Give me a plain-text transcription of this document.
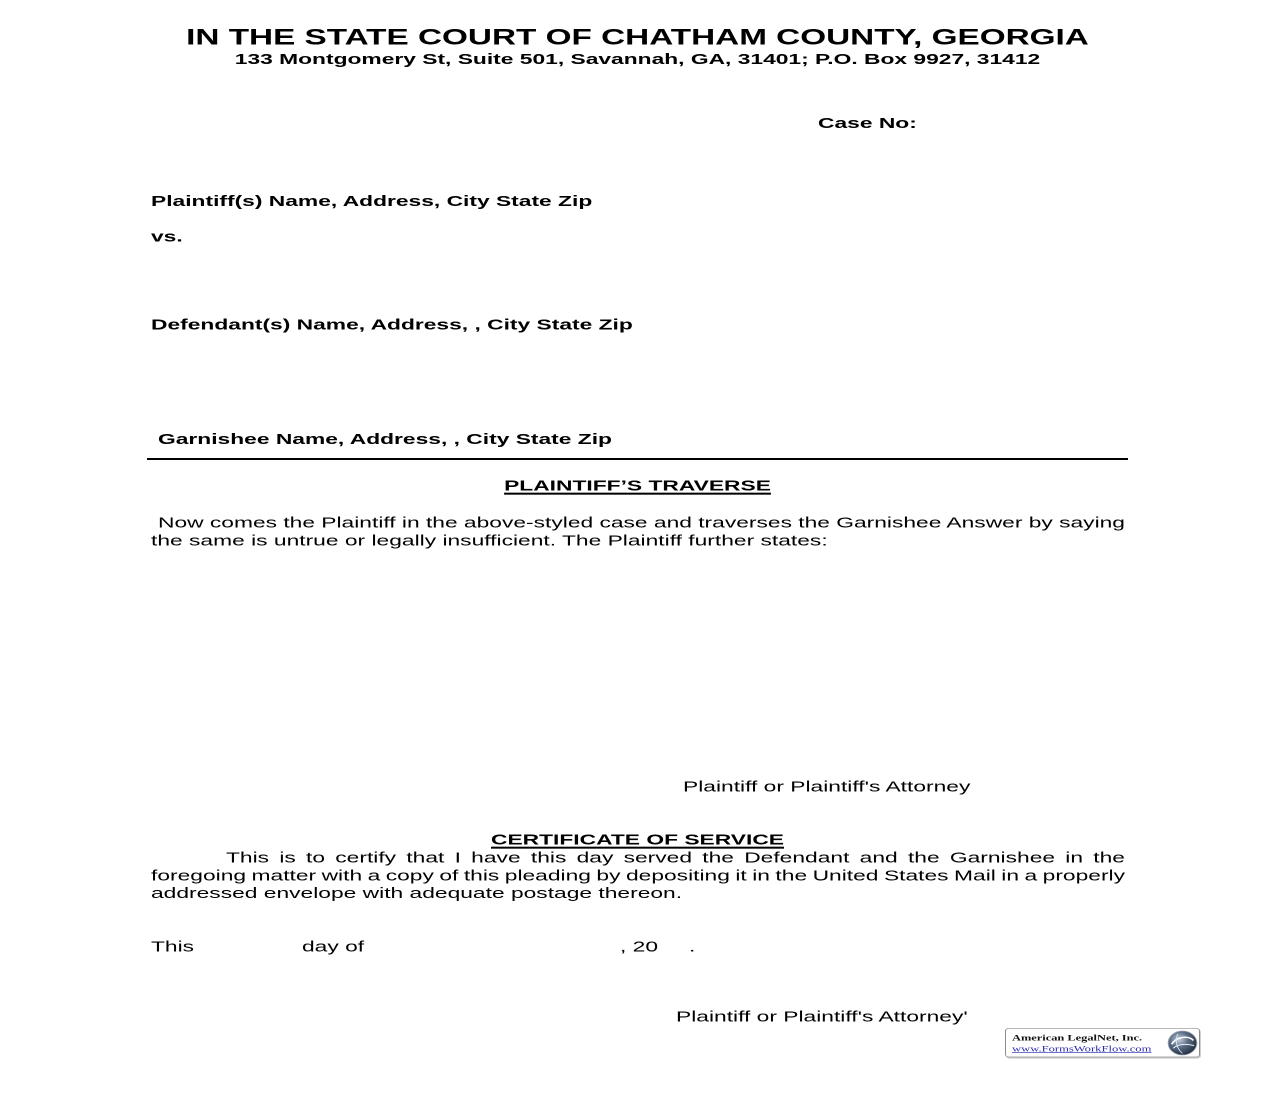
IN THE STATE COURT OF CHATHAM COUNTY, GEORGIA
133 Montgomery St, Suite 501, Savannah, GA, 31401; P.O. Box 9927, 31412
Case No:
Plaintiff(s) Name, Address, City State Zip
vs.
Defendant(s) Name, Address, , City State Zip
Garnishee Name, Address, , City State Zip
PLAINTIFF’S TRAVERSE
Now comes the Plaintiff in the above-styled case and traverses the Garnishee Answer by saying
the same is untrue or legally insufficient. The Plaintiff further states:
Plaintiff or Plaintiff's Attorney
CERTIFICATE OF SERVICE
This is to certify that I have this day served the Defendant and the Garnishee in the
foregoing matter with a copy of this pleading by depositing it in the United States Mail in a properly
addressed envelope with adequate postage thereon.
This	day of	, 20 .
Plaintiff or Plaintiff's Attorney'
American LegalNet, Inc.
www.FormsWorkFlow.com
